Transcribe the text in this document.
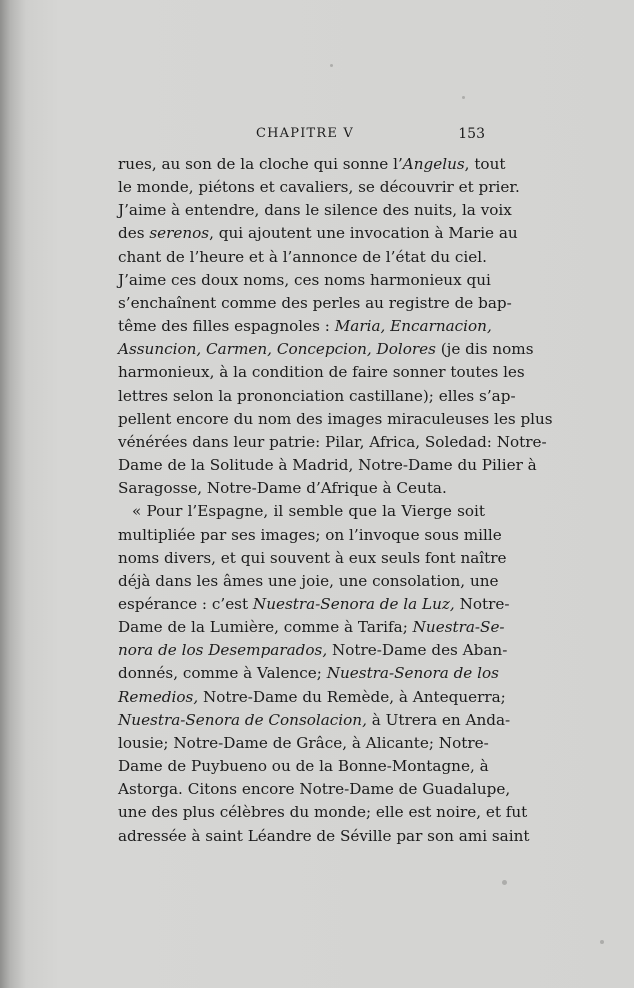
CHAPITRE V	153
rues, au son de la cloche qui sonne l’Angelus, tout
le monde, piétons et cavaliers, se découvrir et prier.
J’aime à entendre, dans le silence des nuits, la voix
des serenos, qui ajoutent une invocation à Marie au
chant de l’heure et à l’annonce de l’état du ciel.
J’aime ces doux noms, ces noms harmonieux qui
s’enchaînent comme des perles au registre de bap-
tême des filles espagnoles : Maria, Encarnacion,
Assuncion, Carmen, Concepcion, Dolores (je dis noms
harmonieux, à la condition de faire sonner toutes les
lettres selon la prononciation castillane); elles s’ap-
pellent encore du nom des images miraculeuses les plus
vénérées dans leur patrie: Pilar, Africa, Soledad: Notre-
Dame de la Solitude à Madrid, Notre-Dame du Pilier à
Saragosse, Notre-Dame d’Afrique à Ceuta.
« Pour l’Espagne, il semble que la Vierge soit
multipliée par ses images; on l’invoque sous mille
noms divers, et qui souvent à eux seuls font naître
déjà dans les âmes une joie, une consolation, une
espérance : c’est Nuestra-Senora de la Luz, Notre-
Dame de la Lumière, comme à Tarifa; Nuestra-Se-
nora de los Desemparados, Notre-Dame des Aban-
donnés, comme à Valence; Nuestra-Senora de los
Remedios, Notre-Dame du Remède, à Antequerra;
Nuestra-Senora de Consolacion, à Utrera en Anda-
lousie; Notre-Dame de Grâce, à Alicante; Notre-
Dame de Puybueno ou de la Bonne-Montagne, à
Astorga. Citons encore Notre-Dame de Guadalupe,
une des plus célèbres du monde; elle est noire, et fut
adressée à saint Léandre de Séville par son ami saint
